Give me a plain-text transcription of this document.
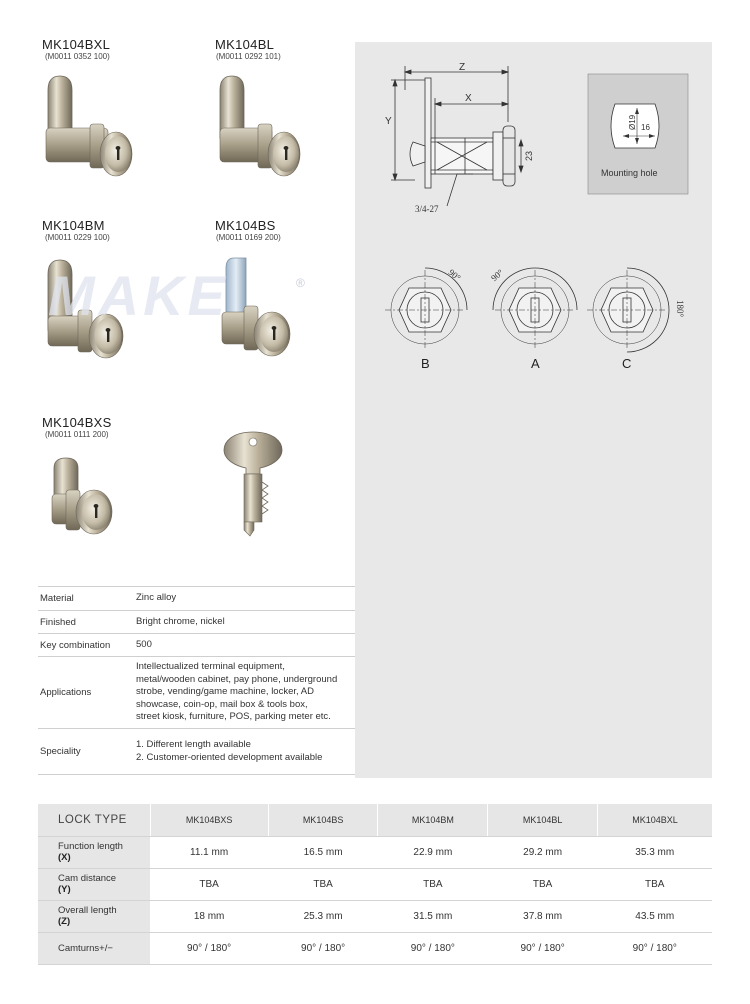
MK104BXL
(M0011 0352 100)
MK104BL
(M0011 0292 101)
MK104BM
(M0011 0229 100)
MK104BS
(M0011 0169 200)
MK104BXS
(M0011 0111 200)
MAKE	®
Z
X
Y
23
3/4-27
Ø19 16
Mounting hole
90°	90°
180°
B	A	C
Material	Zinc alloy
Finished	Bright chrome, nickel
Key combination	500
Applications	Intellectualized terminal equipment,
metal/wooden cabinet, pay phone, underground
strobe, vending/game machine, locker, AD
showcase, coin-op, mail box & tools box,
street kiosk, furniture, POS, parking meter etc.

Speciality	1. Different length available
2. Customer-oriented development available
LOCK TYPE	MK104BXS	MK104BS	MK104BM	MK104BL	MK104BXL
Function length
(X)	11.1 mm	16.5 mm	22.9 mm	29.2 mm	35.3 mm
Cam distance
(Y)	TBA	TBA	TBA	TBA	TBA
Overall length
(Z)	18 mm	25.3 mm	31.5 mm	37.8 mm	43.5 mm
Camturns+/−	90° / 180°	90° / 180°	90° / 180°	90° / 180°	90° / 180°
